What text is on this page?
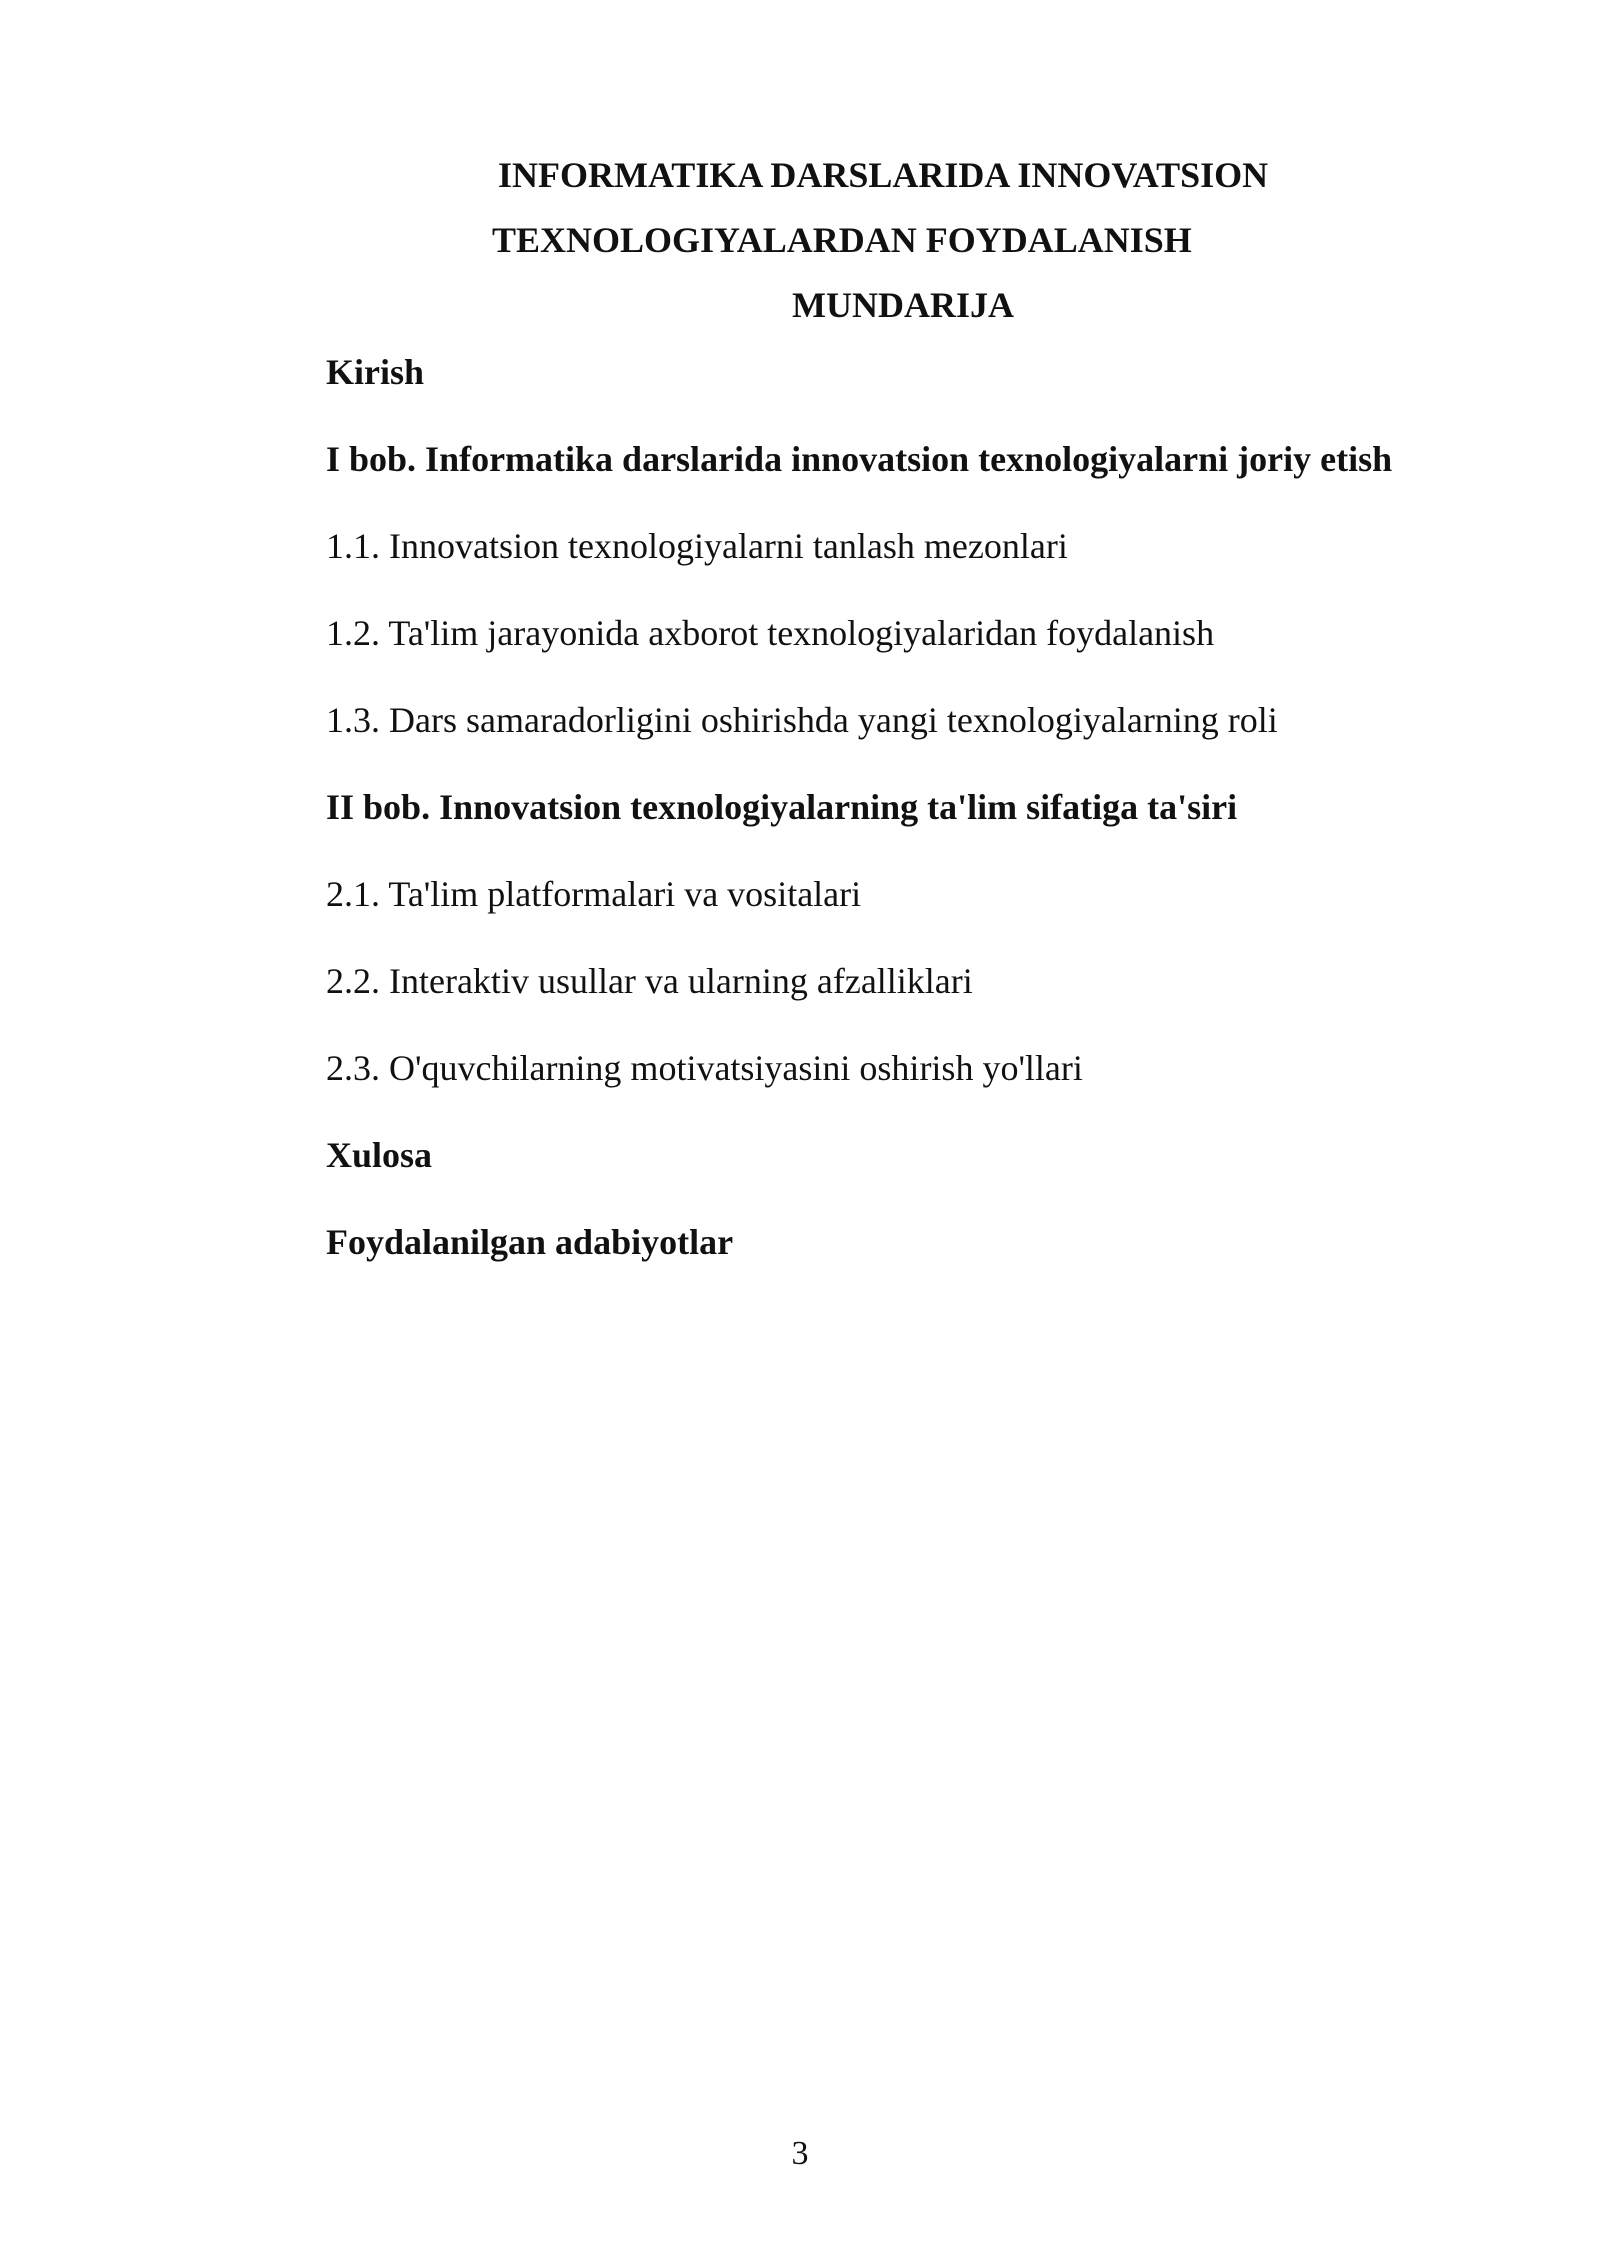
INFORMATIKA DARSLARIDA INNOVATSION
TEXNOLOGIYALARDAN FOYDALANISH
MUNDARIJA
Kirish
I bob. Informatika darslarida innovatsion texnologiyalarni joriy etish
1.1. Innovatsion texnologiyalarni tanlash mezonlari
1.2. Ta'lim jarayonida axborot texnologiyalaridan foydalanish
1.3. Dars samaradorligini oshirishda yangi texnologiyalarning roli
II bob. Innovatsion texnologiyalarning ta'lim sifatiga ta'siri
2.1. Ta'lim platformalari va vositalari
2.2. Interaktiv usullar va ularning afzalliklari
2.3. O'quvchilarning motivatsiyasini oshirish yo'llari
Xulosa
Foydalanilgan adabiyotlar
3
